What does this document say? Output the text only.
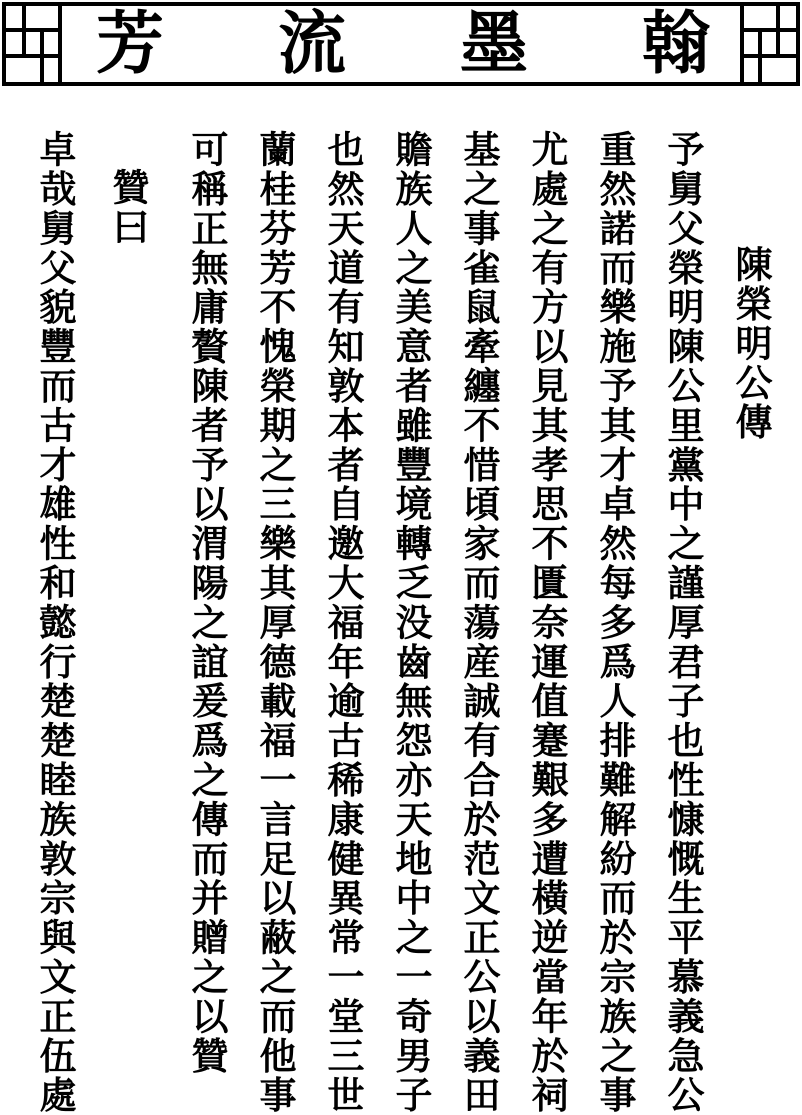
芳 流 墨 翰
陳榮明公傳
予舅父榮明陳公里黨中之謹厚君子也性慷慨生平慕義急公
重然諾而樂施予其才卓然每多爲人排難解紛而於宗族之事
尤處之有方以見其孝思不匱奈運值蹇艱多遭橫逆當年於祠
基之事雀鼠牽纏不惜頃家而蕩産誠有合於范文正公以義田
贍族人之美意者雖豐境轉乏没齒無怨亦天地中之一奇男子
也然天道有知敦本者自邀大福年逾古稀康健異常一堂三世
蘭桂芬芳不愧榮期之三樂其厚德載福一言足以蔽之而他事
可稱正無庸贅陳者予以渭陽之誼爰爲之傳而并贈之以贊
贊曰
卓哉舅父貌豐而古才雄性和懿行楚楚睦族敦宗與文正伍處
